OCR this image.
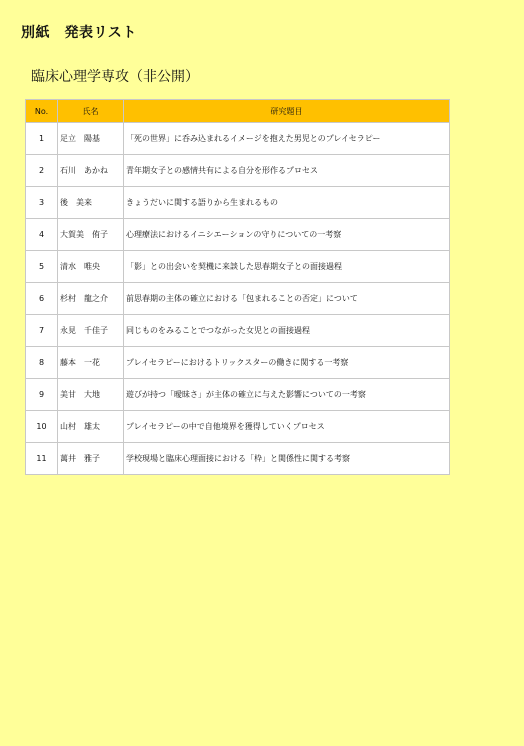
別紙　発表リスト
臨床心理学専攻（非公開）
No.	氏名	研究題目
1	足立　陽基	「死の世界」に呑み込まれるイメージを抱えた男児とのプレイセラピー
2	石川　あかね	青年期女子との感情共有による自分を形作るプロセス
3	後　美来	きょうだいに関する語りから生まれるもの
4	大賀美　侑子	心理療法におけるイニシエーションの守りについての一考察
5	清水　唯央	「影」との出会いを契機に来談した思春期女子との面接過程
6	杉村　龍之介	前思春期の主体の確立における「包まれることの否定」について
7	永見　千佳子	同じものをみることでつながった女児との面接過程
8	藤本　一花	プレイセラピーにおけるトリックスターの働きに関する一考察
9	美甘　大地	遊びが持つ「曖昧さ」が主体の確立に与えた影響についての一考察
10	山村　雄太	プレイセラピーの中で自他境界を獲得していくプロセス
11	萬井　雅子	学校現場と臨床心理面接における「枠」と関係性に関する考察
